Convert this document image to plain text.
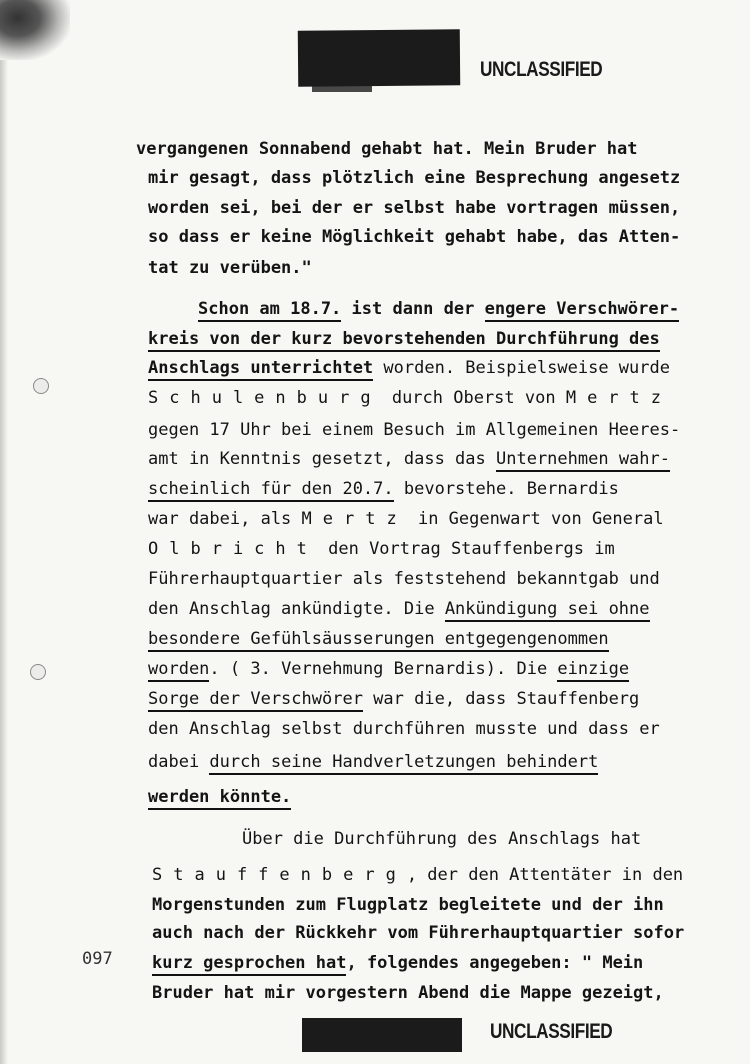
UNCLASSIFIED
vergangenen Sonnabend gehabt hat. Mein Bruder hat
mir gesagt, dass plötzlich eine Besprechung angesetz
worden sei, bei der er selbst habe vortragen müssen,
so dass er keine Möglichkeit gehabt habe, das Atten-
tat zu verüben."
Schon am 18.7. ist dann der engere Verschwörer-
kreis von der kurz bevorstehenden Durchführung des
Anschlags unterrichtet worden. Beispielsweise wurde
Schulenburg durch Oberst von Mertz
gegen 17 Uhr bei einem Besuch im Allgemeinen Heeres-
amt in Kenntnis gesetzt, dass das Unternehmen wahr-
scheinlich für den 20.7. bevorstehe. Bernardis
war dabei, als Mertz in Gegenwart von General
Olbricht den Vortrag Stauffenbergs im
Führerhauptquartier als feststehend bekanntgab und
den Anschlag ankündigte. Die Ankündigung sei ohne
besondere Gefühlsäusserungen entgegengenommen
worden. ( 3. Vernehmung Bernardis). Die einzige
Sorge der Verschwörer war die, dass Stauffenberg
den Anschlag selbst durchführen musste und dass er
dabei durch seine Handverletzungen behindert
werden könnte.
Über die Durchführung des Anschlags hat
Stauffenberg, der den Attentäter in den
Morgenstunden zum Flugplatz begleitete und der ihn
auch nach der Rückkehr vom Führerhauptquartier sofor
kurz gesprochen hat, folgendes angegeben: " Mein
Bruder hat mir vorgestern Abend die Mappe gezeigt,
097
UNCLASSIFIED
